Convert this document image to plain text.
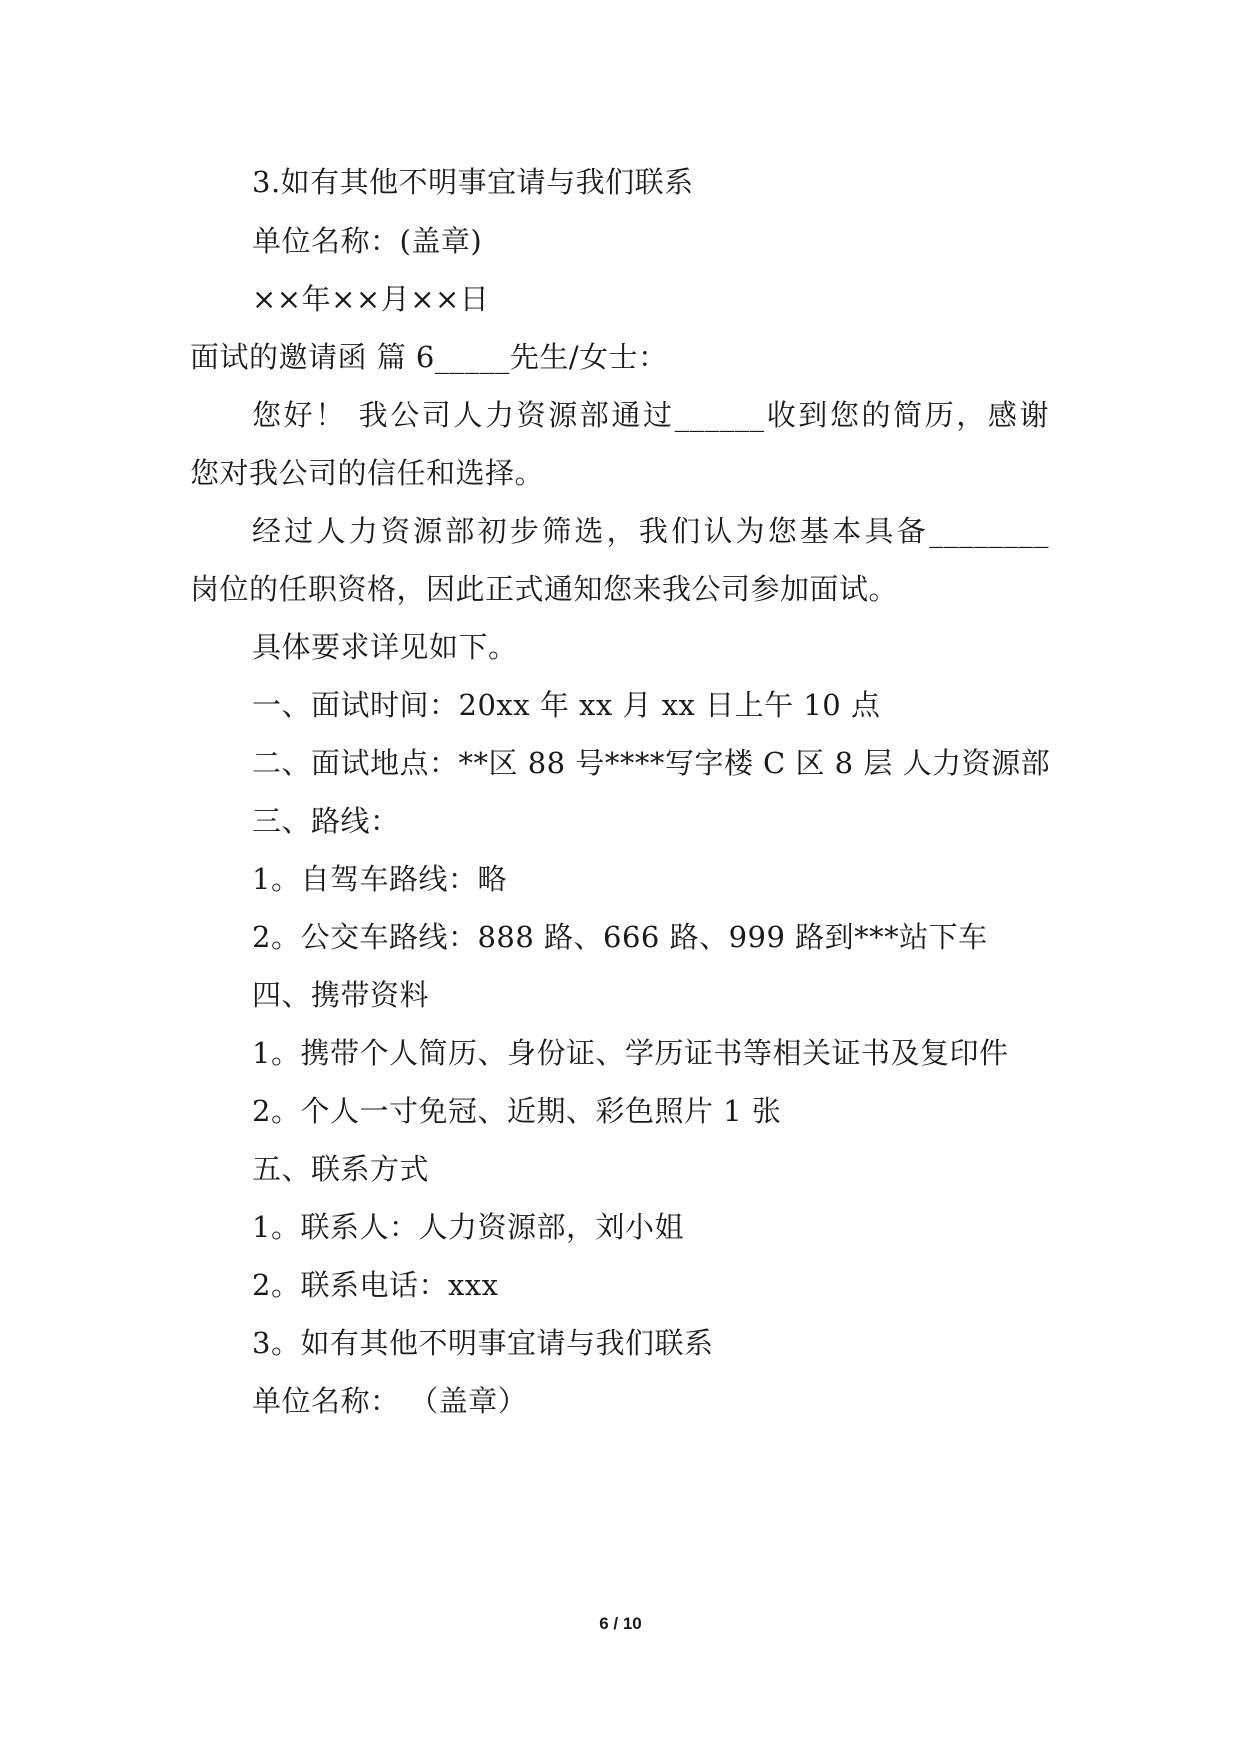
3.如有其他不明事宜请与我们联系
单位名称：(盖章)
××年××月××日
面试的邀请函 篇 6_____先生/女士：
您好！ 我公司人力资源部通过______收到您的简历，感谢
您对我公司的信任和选择。
经过人力资源部初步筛选，我们认为您基本具备________
岗位的任职资格，因此正式通知您来我公司参加面试。
具体要求详见如下。
一、面试时间：20xx 年 xx 月 xx 日上午 10 点
二、面试地点：**区 88 号****写字楼 C 区 8 层 人力资源部
三、路线：
1。自驾车路线：略
2。公交车路线：888 路、666 路、999 路到***站下车
四、携带资料
1。携带个人简历、身份证、学历证书等相关证书及复印件
2。个人一寸免冠、近期、彩色照片 1 张
五、联系方式
1。联系人：人力资源部，刘小姐
2。联系电话：xxx
3。如有其他不明事宜请与我们联系
单位名称： （盖章）
6 / 10
